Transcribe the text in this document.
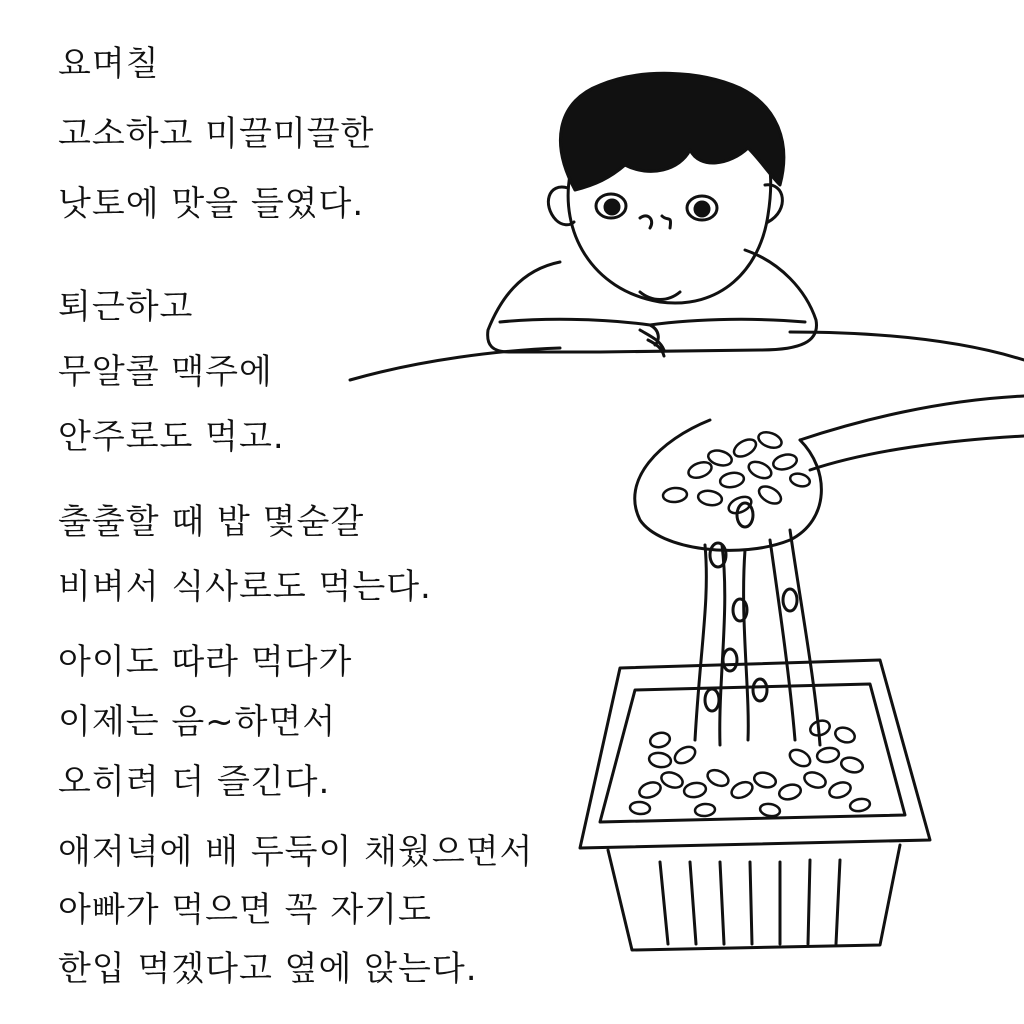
요며칠
고소하고 미끌미끌한
낫토에 맛을 들였다.
퇴근하고
무알콜 맥주에
안주로도 먹고.
출출할 때 밥 몇숟갈
비벼서 식사로도 먹는다.
아이도 따라 먹다가
이제는 음~하면서
오히려 더 즐긴다.
애저녁에 배 두둑이 채웠으면서
아빠가 먹으면 꼭 자기도
한입 먹겠다고 옆에 앉는다.
